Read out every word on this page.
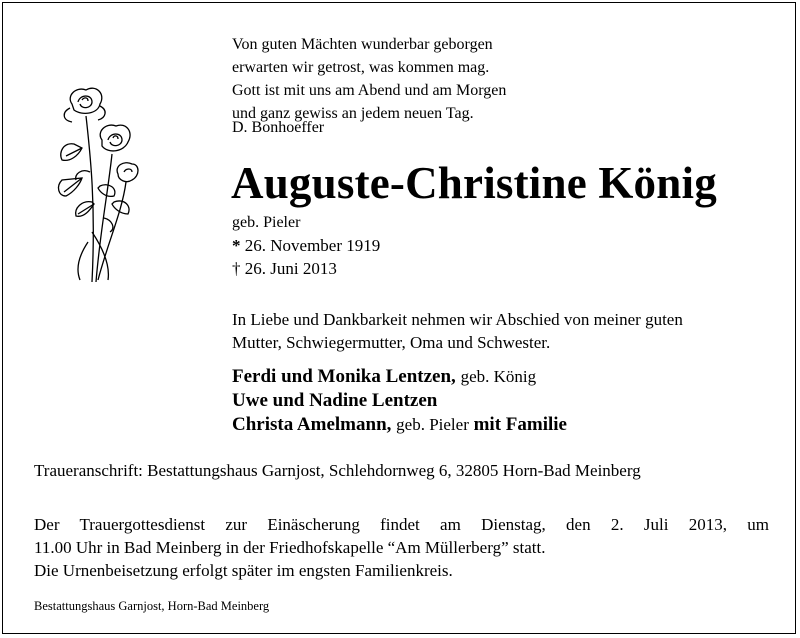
Von guten Mächten wunderbar geborgen
erwarten wir getrost, was kommen mag.
Gott ist mit uns am Abend und am Morgen
und ganz gewiss an jedem neuen Tag.
D. Bonhoeffer
Auguste-Christine König
geb. Pieler
* 26. November 1919
† 26. Juni 2013
In Liebe und Dankbarkeit nehmen wir Abschied von meiner guten
Mutter, Schwiegermutter, Oma und Schwester.
Ferdi und Monika Lentzen, geb. König
Uwe und Nadine Lentzen
Christa Amelmann, geb. Pieler mit Familie
Traueranschrift: Bestattungshaus Garnjost, Schlehdornweg 6, 32805 Horn-Bad Meinberg
Der Trauergottesdienst zur Einäscherung findet am Dienstag, den 2. Juli 2013, um
11.00 Uhr in Bad Meinberg in der Friedhofskapelle “Am Müllerberg” statt.
Die Urnenbeisetzung erfolgt später im engsten Familienkreis.
Bestattungshaus Garnjost, Horn-Bad Meinberg
